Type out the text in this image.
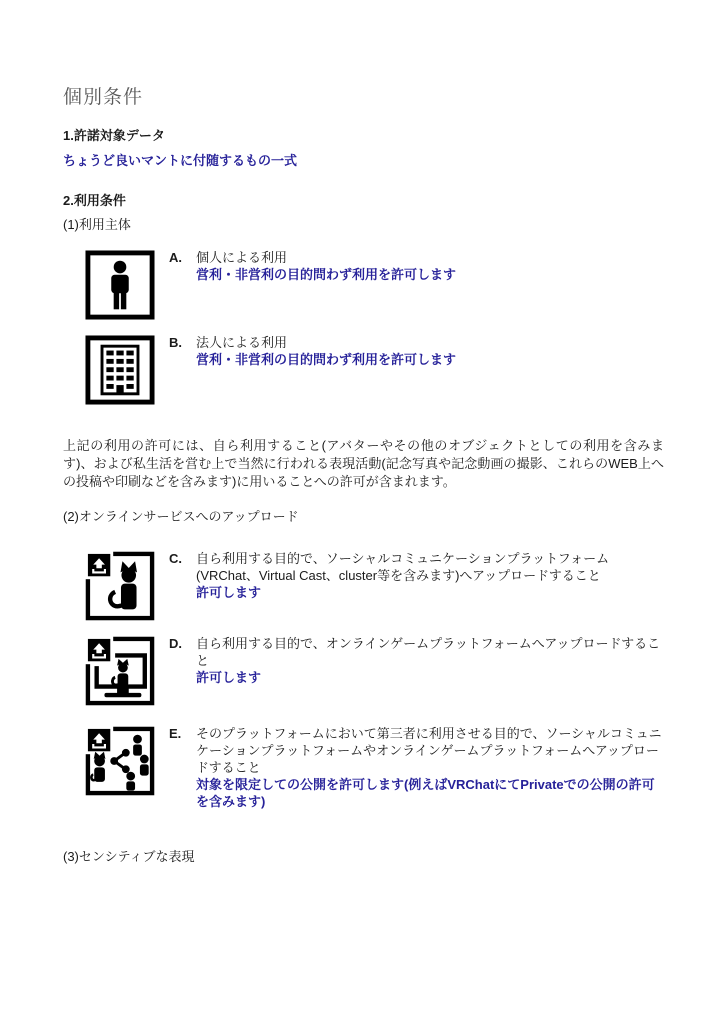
個別条件
1.許諾対象データ
ちょうど良いマントに付随するもの一式
2.利用条件
(1)利用主体
A.	個人による利用
営利・非営利の目的問わず利用を許可します
B.	法人による利用
営利・非営利の目的問わず利用を許可します

上記の利用の許可には、自ら利用すること(アバターやその他のオブジェクトとしての利用を含みます)、および私生活を営む上で当然に行われる表現活動(記念写真や記念動画の撮影、これらのWEB上への投稿や印刷などを含みます)に用いることへの許可が含まれます。

(2)オンラインサービスへのアップロード
C.	自ら利用する目的で、ソーシャルコミュニケーションプラットフォーム(VRChat、Virtual Cast、cluster等を含みます)へアップロードすること
許可します
D.	自ら利用する目的で、オンラインゲームプラットフォームへアップロードすること
許可します
E.	そのプラットフォームにおいて第三者に利用させる目的で、ソーシャルコミュニケーションプラットフォームやオンラインゲームプラットフォームへアップロードすること
対象を限定しての公開を許可します(例えばVRChatにてPrivateでの公開の許可を含みます)
(3)センシティブな表現
